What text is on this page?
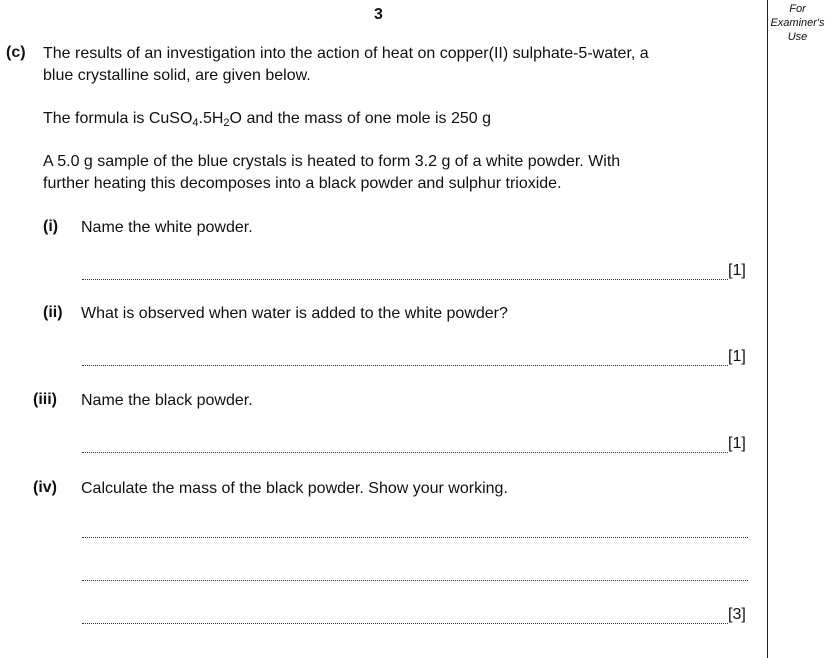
3	For
Examiner's
Use
(c) The results of an investigation into the action of heat on copper(II) sulphate-5-water, a
blue crystalline solid, are given below.
The formula is $CuSO_4.5H_2O$ and the mass of one mole is 250 g
A 5.0 g sample of the blue crystals is heated to form 3.2 g of a white powder. With
further heating this decomposes into a black powder and sulphur trioxide.
(i) Name the white powder.
[1]
(ii) What is observed when water is added to the white powder?
[1]
(iii) Name the black powder.
[1]
(iv) Calculate the mass of the black powder. Show your working.
[3]
